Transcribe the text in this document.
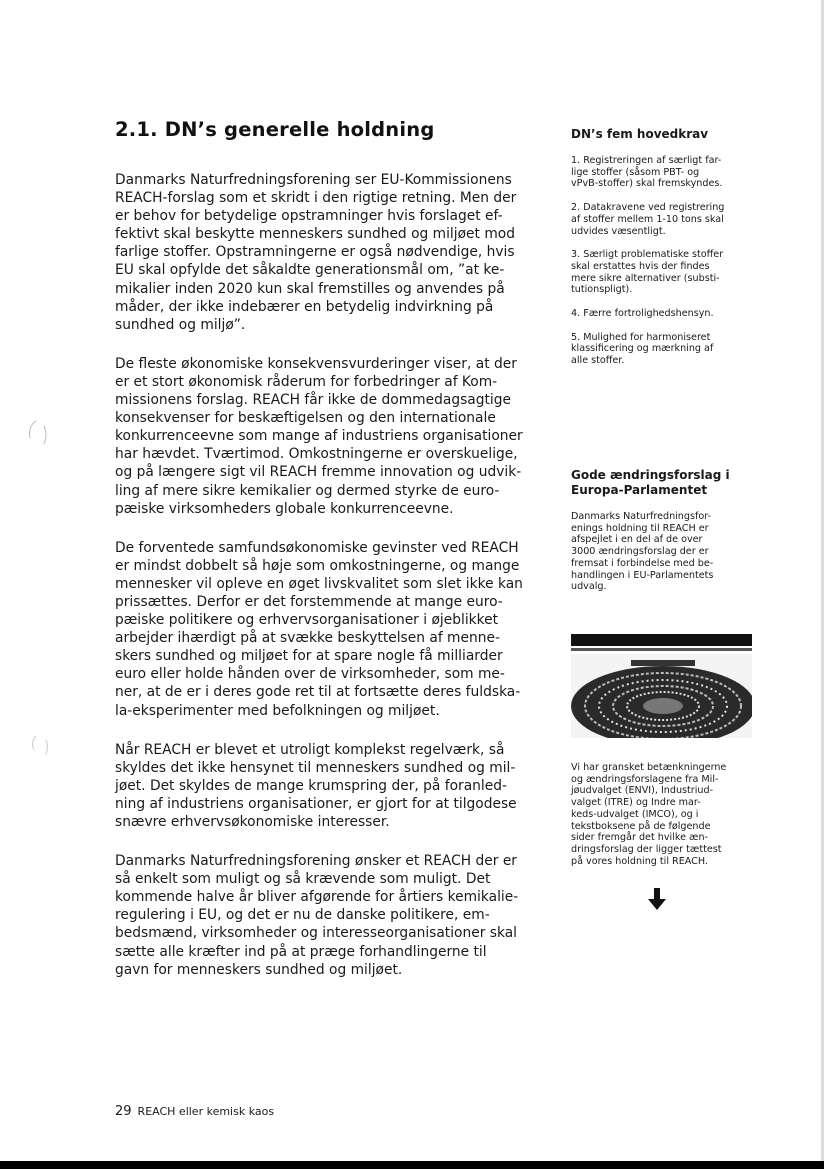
2.1. DN’s generelle holdning

Danmarks Naturfredningsforening ser EU-Kommissionens
REACH-forslag som et skridt i den rigtige retning. Men der
er behov for betydelige opstramninger hvis forslaget ef-
fektivt skal beskytte menneskers sundhed og miljøet mod
farlige stoffer. Opstramningerne er også nødvendige, hvis
EU skal opfylde det såkaldte generationsmål om, ”at ke-
mikalier inden 2020 kun skal fremstilles og anvendes på
måder, der ikke indebærer en betydelig indvirkning på
sundhed og miljø”.

De fleste økonomiske konsekvensvurderinger viser, at der
er et stort økonomisk råderum for forbedringer af Kom-
missionens forslag. REACH får ikke de dommedagsagtige
konsekvenser for beskæftigelsen og den internationale
konkurrenceevne som mange af industriens organisationer
har hævdet. Tværtimod. Omkostningerne er overskuelige,
og på længere sigt vil REACH fremme innovation og udvik-
ling af mere sikre kemikalier og dermed styrke de euro-
pæiske virksomheders globale konkurrenceevne.

De forventede samfundsøkonomiske gevinster ved REACH
er mindst dobbelt så høje som omkostningerne, og mange
mennesker vil opleve en øget livskvalitet som slet ikke kan
prissættes. Derfor er det forstemmende at mange euro-
pæiske politikere og erhvervsorganisationer i øjeblikket
arbejder ihærdigt på at svække beskyttelsen af menne-
skers sundhed og miljøet for at spare nogle få milliarder
euro eller holde hånden over de virksomheder, som me-
ner, at de er i deres gode ret til at fortsætte deres fuldska-
la-eksperimenter med befolkningen og miljøet.

Når REACH er blevet et utroligt komplekst regelværk, så
skyldes det ikke hensynet til menneskers sundhed og mil-
jøet. Det skyldes de mange krumspring der, på foranled-
ning af industriens organisationer, er gjort for at tilgodese
snævre erhvervsøkonomiske interesser.

Danmarks Naturfredningsforening ønsker et REACH der er
så enkelt som muligt og så krævende som muligt. Det
kommende halve år bliver afgørende for årtiers kemikalie-
regulering i EU, og det er nu de danske politikere, em-
bedsmænd, virksomheder og interesseorganisationer skal
sætte alle kræfter ind på at præge forhandlingerne til
gavn for menneskers sundhed og miljøet.

DN’s fem hovedkrav

1. Registreringen af særligt far-
lige stoffer (såsom PBT- og
vPvB-stoffer) skal fremskyndes.

2. Datakravene ved registrering
af stoffer mellem 1-10 tons skal
udvides væsentligt.

3. Særligt problematiske stoffer
skal erstattes hvis der findes
mere sikre alternativer (substi-
tutionspligt).

4. Færre fortrolighedshensyn.

5. Mulighed for harmoniseret
klassificering og mærkning af
alle stoffer.

Gode ændringsforslag i
Europa-Parlamentet

Danmarks Naturfredningsfor-
enings holdning til REACH er
afspejlet i en del af de over
3000 ændringsforslag der er
fremsat i forbindelse med be-
handlingen i EU-Parlamentets
udvalg.

Vi har gransket betænkningerne
og ændringsforslagene fra Mil-
jøudvalget (ENVI), Industriud-
valget (ITRE) og Indre mar-
keds-udvalget (IMCO), og i
tekstboksene på de følgende
sider fremgår det hvilke æn-
dringsforslag der ligger tættest
på vores holdning til REACH.

29 REACH eller kemisk kaos
